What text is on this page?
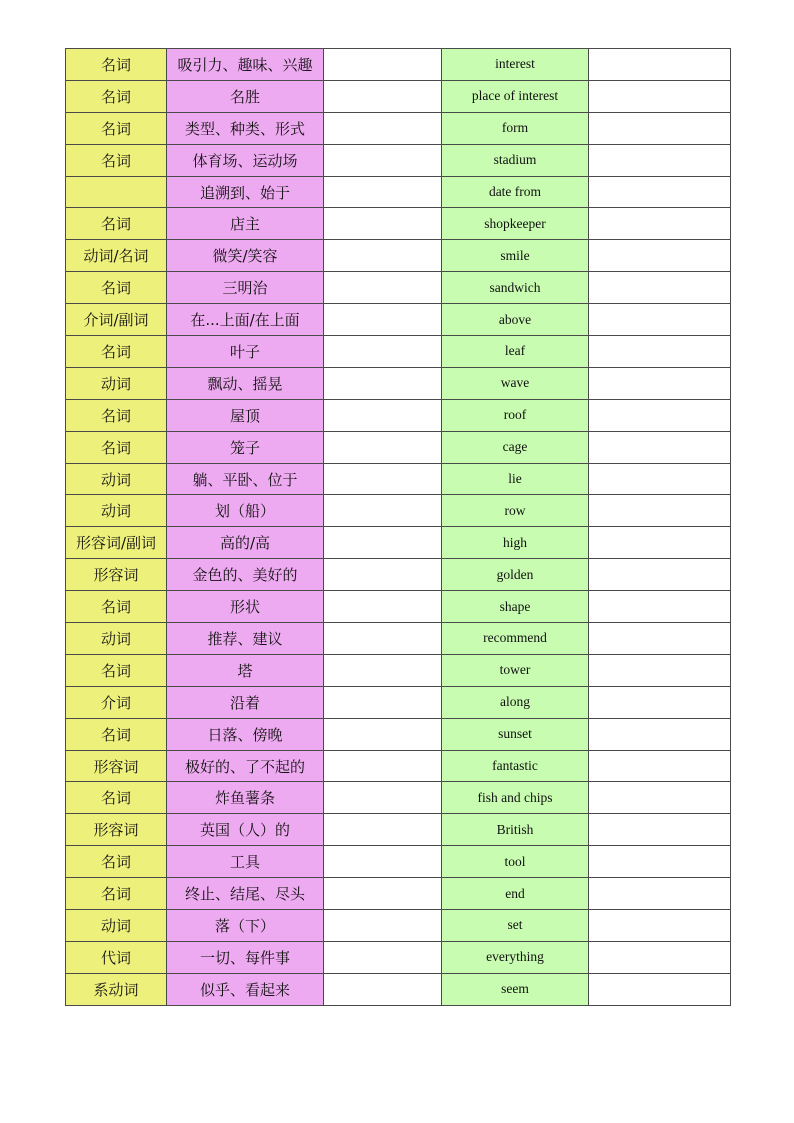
名词	吸引力、趣味、兴趣		interest	
名词	名胜		place of interest	
名词	类型、种类、形式		form	
名词	体育场、运动场		stadium	
	追溯到、始于		date from	
名词	店主		shopkeeper	
动词/名词	微笑/笑容		smile	
名词	三明治		sandwich	
介词/副词	在...上面/在上面		above	
名词	叶子		leaf	
动词	飘动、摇晃		wave	
名词	屋顶		roof	
名词	笼子		cage	
动词	躺、平卧、位于		lie	
动词	划（船）		row	
形容词/副词	高的/高		high	
形容词	金色的、美好的		golden	
名词	形状		shape	
动词	推荐、建议		recommend	
名词	塔		tower	
介词	沿着		along	
名词	日落、傍晚		sunset	
形容词	极好的、了不起的		fantastic	
名词	炸鱼薯条		fish and chips	
形容词	英国（人）的		British	
名词	工具		tool	
名词	终止、结尾、尽头		end	
动词	落（下）		set	
代词	一切、每件事		everything	
系动词	似乎、看起来		seem	
